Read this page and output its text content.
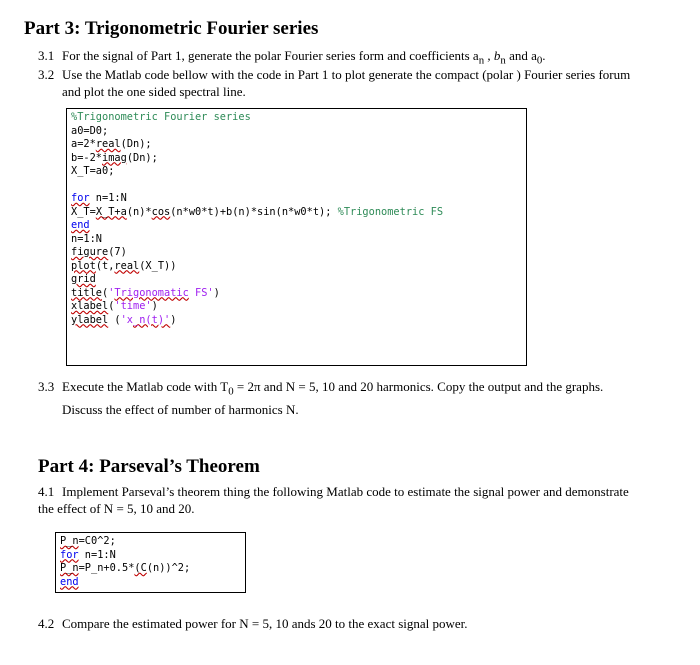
Part 3: Trigonometric Fourier series
3.1 For the signal of Part 1, generate the polar Fourier series form and coefficients $a_n$ , $b_n$ and $a_0$.
3.2 Use the Matlab code bellow with the code in Part 1 to plot generate the compact (polar ) Fourier series forum
and plot the one sided spectral line.
%Trigonometric Fourier series
a0=D0;
a=2*real(Dn);
b=-2*imag(Dn);
X_T=a0;
for n=1:N
X_T=X_T+a(n)*cos(n*w0*t)+b(n)*sin(n*w0*t); %Trigonometric FS
end
n=1:N
figure(7)
plot(t,real(X_T))
grid
title('Trigonomatic FS')
xlabel('time')
ylabel ('x_n(t)')
3.3 Execute the Matlab code with $T_0 = 2\pi$ and N = 5, 10 and 20 harmonics. Copy the output and the graphs.
Discuss the effect of number of harmonics N.
Part 4: Parseval’s Theorem
4.1 Implement Parseval’s theorem thing the following Matlab code to estimate the signal power and demonstrate
the effect of N = 5, 10 and 20.
P_n=C0^2;
for n=1:N
P_n=P_n+0.5*(C(n))^2;
end
4.2 Compare the estimated power for N = 5, 10 ands 20 to the exact signal power.
